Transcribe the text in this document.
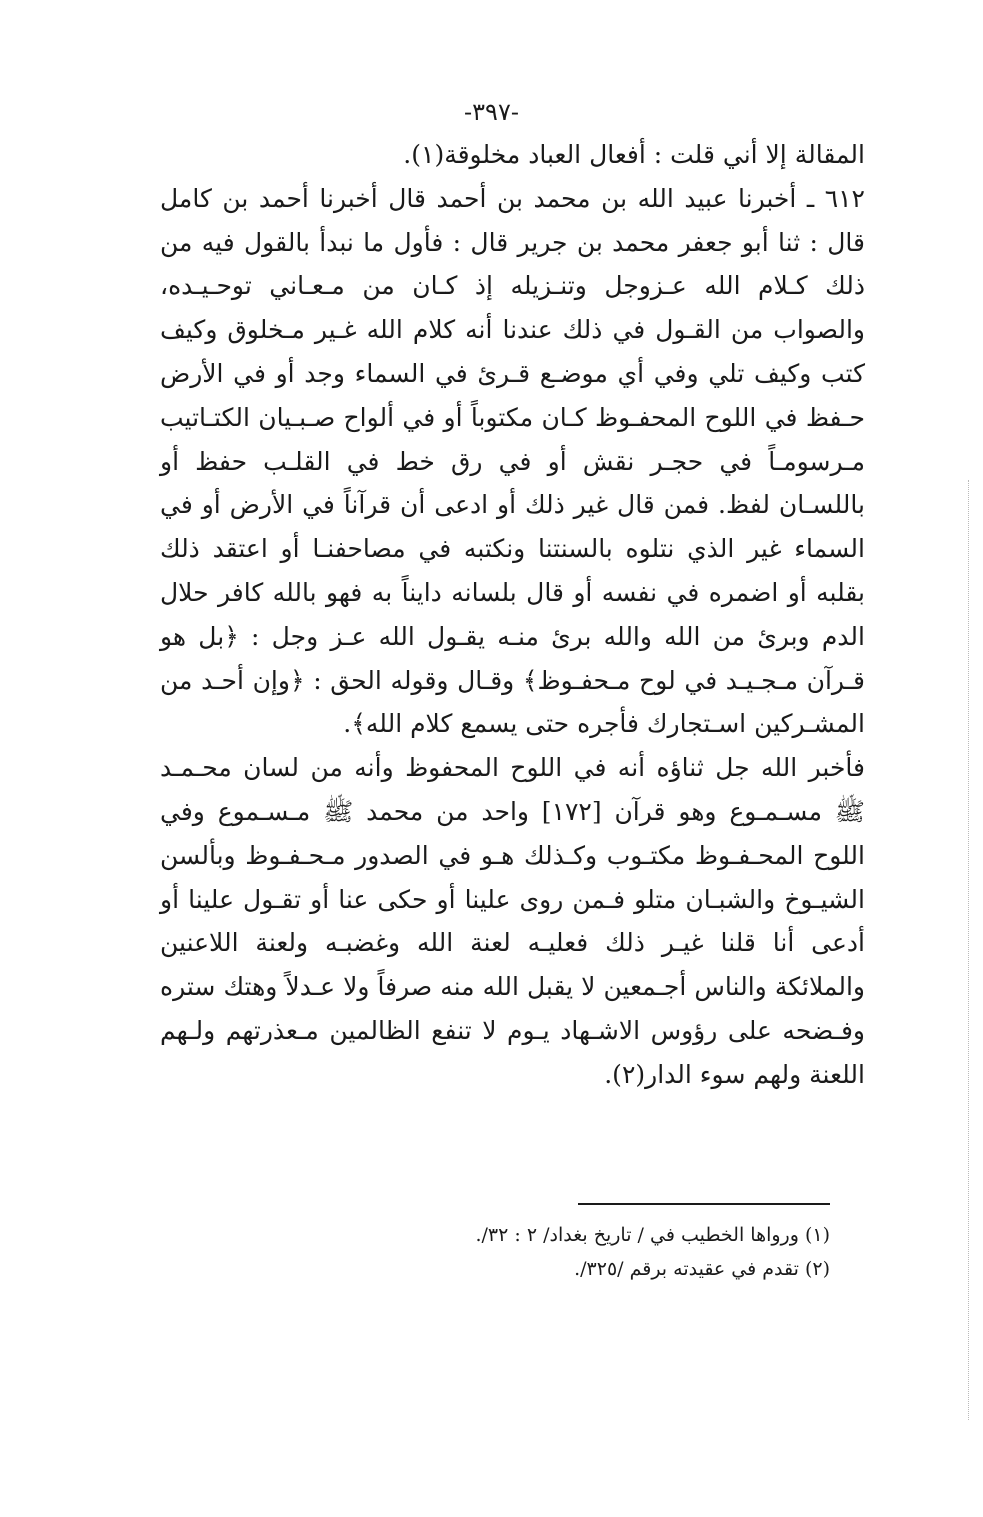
-٣٩٧-

المقالة إلا أني قلت : أفعال العباد مخلوقة(١).

٦١٢ ـ أخبرنا عبيد الله بن محمد بن أحمد قال أخبرنا أحمد بن كامل قال : ثنا أبو جعفر محمد بن جرير قال : فأول ما نبدأ بالقول فيه من ذلك كـلام الله عـزوجل وتنـزيله إذ كـان من مـعـاني توحـيـده، والصواب من القـول في ذلك عندنا أنه كلام الله غـير مـخلوق وكيف كتب وكيف تلي وفي أي موضـع قـرئ في السماء وجد أو في الأرض حـفظ في اللوح المحفـوظ كـان مكتوباً أو في ألواح صـبـيان الكتـاتيب مـرسومـاً في حجـر نقش أو في رق خط في القلـب حفظ أو باللسـان لفظ. فمن قال غير ذلك أو ادعى أن قرآناً في الأرض أو في السماء غير الذي نتلوه بالسنتنا ونكتبه في مصاحفنـا أو اعتقد ذلك بقلبه أو اضمره في نفسه أو قال بلسانه دايناً به فهو بالله كافر حلال الدم وبرئ من الله والله برئ منـه يقـول الله عـز وجل : ﴿بل هو قـرآن مـجـيـد في لوح مـحفـوظ﴾ وقـال وقوله الحق : ﴿وإن أحـد من المشـركين اسـتجارك فأجره حتى يسمع كلام الله﴾.

فأخبر الله جل ثناؤه أنه في اللوح المحفوظ وأنه من لسان محـمـد ﷺ مسـمـوع وهو قرآن [١٧٢] واحد من محمد ﷺ مـسـموع وفي اللوح المحـفـوظ مكتـوب وكـذلك هـو في الصدور مـحـفـوظ وبألسن الشيـوخ والشبـان متلو فـمن روى علينا أو حكى عنا أو تقـول علينا أو أدعى أنا قلنا غيـر ذلك فعليـه لعنة الله وغضبـه ولعنة اللاعنين والملائكة والناس أجـمعين لا يقبل الله منه صرفاً ولا عـدلاً وهتك ستره وفـضحه على رؤوس الاشـهاد يـوم لا تنفع الظالمين مـعذرتهم ولـهم اللعنة ولهم سوء الدار(٢).

(١) ورواها الخطيب في / تاريخ بغداد/ ٢ : ٣٢/.
(٢) تقدم في عقيدته برقم /٣٢٥/.
